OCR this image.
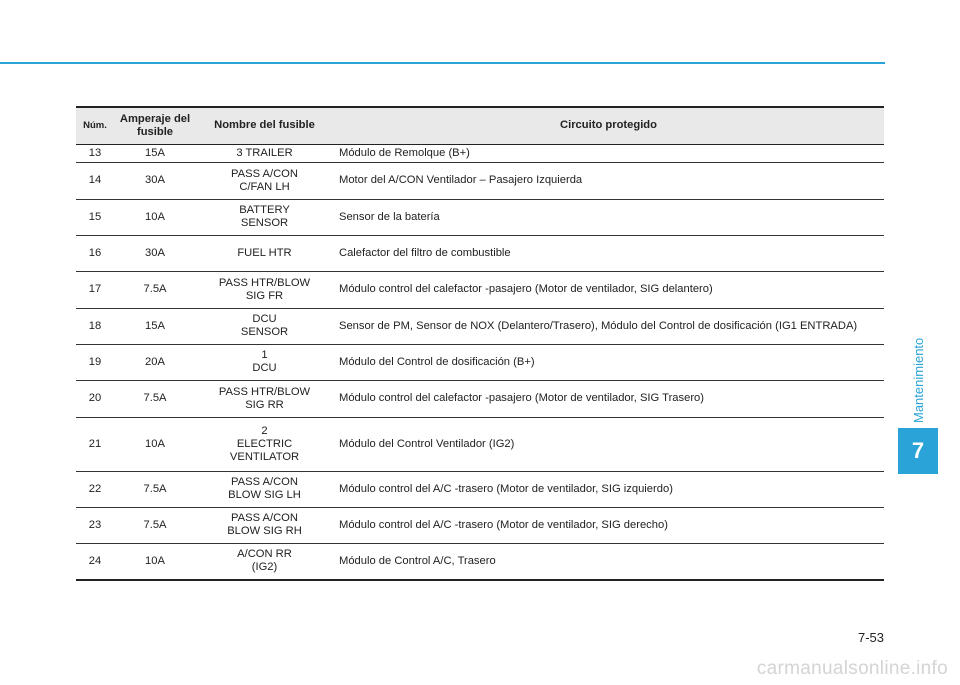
Mantenimiento
7
Núm.	Amperaje del
fusible	Nombre del fusible	Circuito protegido
13	15A	3 TRAILER	Módulo de Remolque (B+)
14	30A	PASS A/CON
C/FAN LH	Motor del A/CON Ventilador – Pasajero Izquierda
15	10A	BATTERY
SENSOR	Sensor de la batería
16	30A	FUEL HTR	Calefactor del filtro de combustible
17	7.5A	PASS HTR/BLOW
SIG FR	Módulo control del calefactor -pasajero (Motor de ventilador, SIG delantero)
18	15A	DCU
SENSOR	Sensor de PM, Sensor de NOX (Delantero/Trasero), Módulo del Control de dosificación (IG1 ENTRADA)
19	20A	1
DCU	Módulo del Control de dosificación (B+)
20	7.5A	PASS HTR/BLOW
SIG RR	Módulo control del calefactor -pasajero (Motor de ventilador, SIG Trasero)
21	10A	2
ELECTRIC
VENTILATOR	Módulo del Control Ventilador (IG2)
22	7.5A	PASS A/CON
BLOW SIG LH	Módulo control del A/C -trasero (Motor de ventilador, SIG izquierdo)
23	7.5A	PASS A/CON
BLOW SIG RH	Módulo control del A/C -trasero (Motor de ventilador, SIG derecho)
24	10A	A/CON RR
(IG2)	Módulo de Control A/C, Trasero
7-53
carmanualsonline.info
